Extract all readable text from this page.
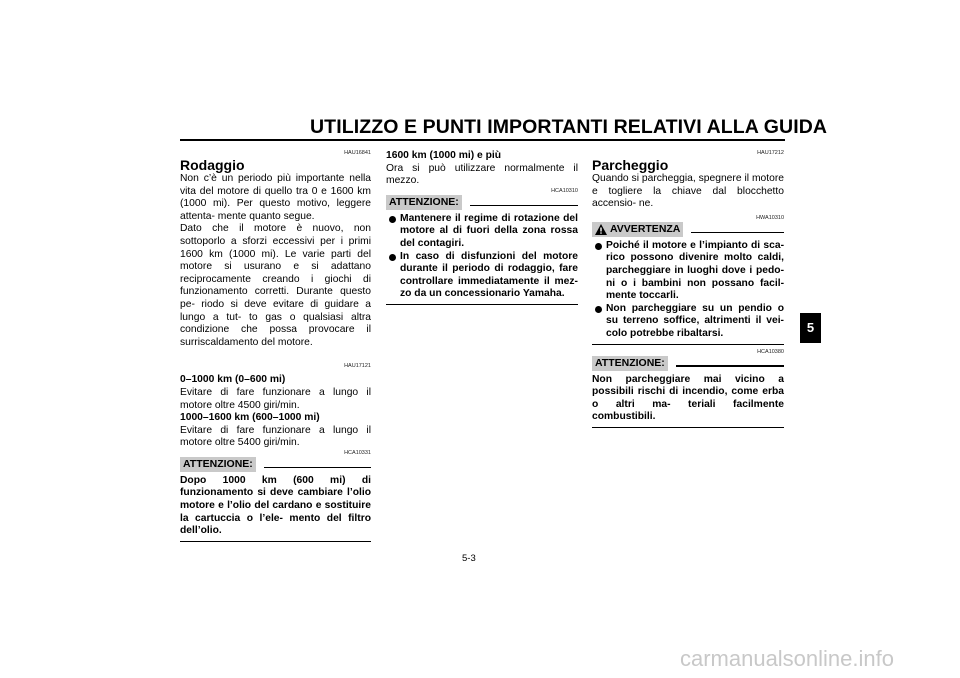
UTILIZZO E PUNTI IMPORTANTI RELATIVI ALLA GUIDA
5
HAU16841
Rodaggio

Non c’è un periodo più importante nella vita del motore di quello tra 0 e 1600 km (1000 mi). Per questo motivo, leggere attenta- mente quanto segue.

Dato che il motore è nuovo, non sottoporlo a sforzi eccessivi per i primi 1600 km (1000 mi). Le varie parti del motore si usurano e si adattano reciprocamente creando i giochi di funzionamento corretti. Durante questo pe- riodo si deve evitare di guidare a lungo a tut- to gas o qualsiasi altra condizione che possa provocare il surriscaldamento del motore.

HAU17121

0–1000 km (0–600 mi)

Evitare di fare funzionare a lungo il motore oltre 4500 giri/min.

1000–1600 km (600–1000 mi)

Evitare di fare funzionare a lungo il motore oltre 5400 giri/min.

HCA10331
ATTENZIONE:

Dopo 1000 km (600 mi) di funzionamento si deve cambiare l’olio motore e l’olio del cardano e sostituire la cartuccia o l’ele- mento del filtro dell’olio.

1600 km (1000 mi) e più

Ora si può utilizzare normalmente il mezzo.

HCA10310
ATTENZIONE:
Mantenere il regime di rotazione del motore al di fuori della zona rossa del contagiri.
In caso di disfunzioni del motore durante il periodo di rodaggio, fare controllare immediatamente il mez- zo da un concessionario Yamaha.
HAU17212
Parcheggio

Quando si parcheggia, spegnere il motore e togliere la chiave dal blocchetto accensio- ne.

HWA10310
AVVERTENZA
Poiché il motore e l’impianto di sca- rico possono divenire molto caldi, parcheggiare in luoghi dove i pedo- ni o i bambini non possano facil- mente toccarli.
Non parcheggiare su un pendio o su terreno soffice, altrimenti il vei- colo potrebbe ribaltarsi.
HCA10380
ATTENZIONE:

Non parcheggiare mai vicino a possibili rischi di incendio, come erba o altri ma- teriali facilmente combustibili.

5-3
carmanualsonline.info
